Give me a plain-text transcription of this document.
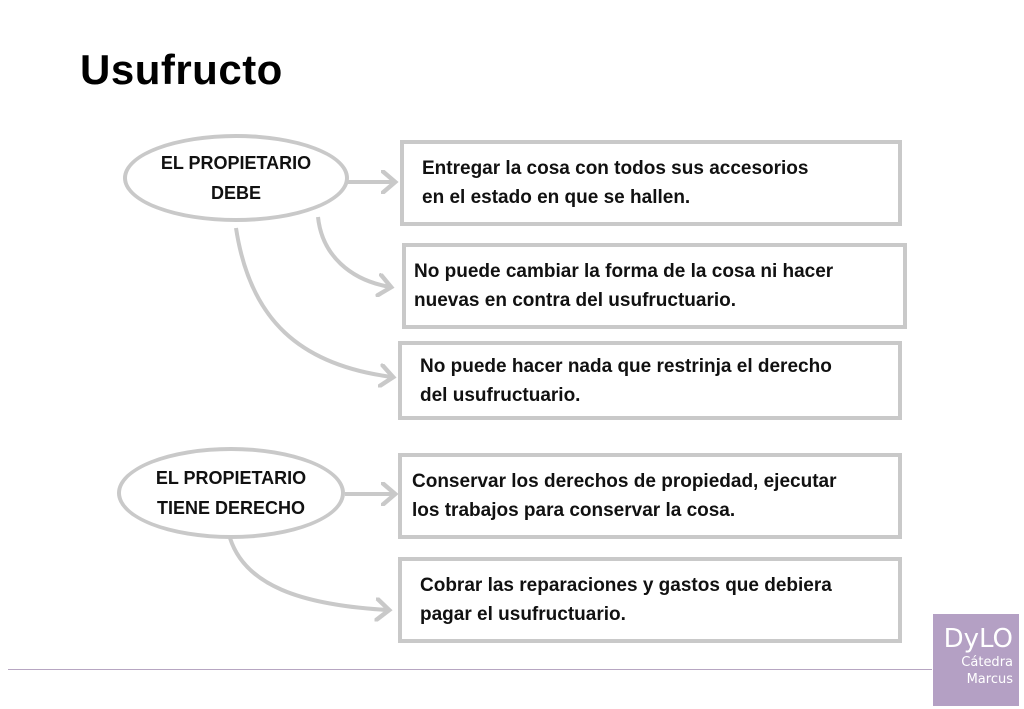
Usufructo
EL PROPIETARIO
DEBE
Entregar la cosa con todos sus accesorios
en el estado en que se hallen.
No puede cambiar la forma de la cosa ni hacer
nuevas en contra del usufructuario.
No puede hacer nada que restrinja el derecho
del usufructuario.
EL PROPIETARIO
TIENE DERECHO
Conservar los derechos de propiedad, ejecutar
los trabajos para conservar la cosa.
Cobrar las reparaciones y gastos que debiera
pagar el usufructuario.
DyLO
Cátedra
Marcus
